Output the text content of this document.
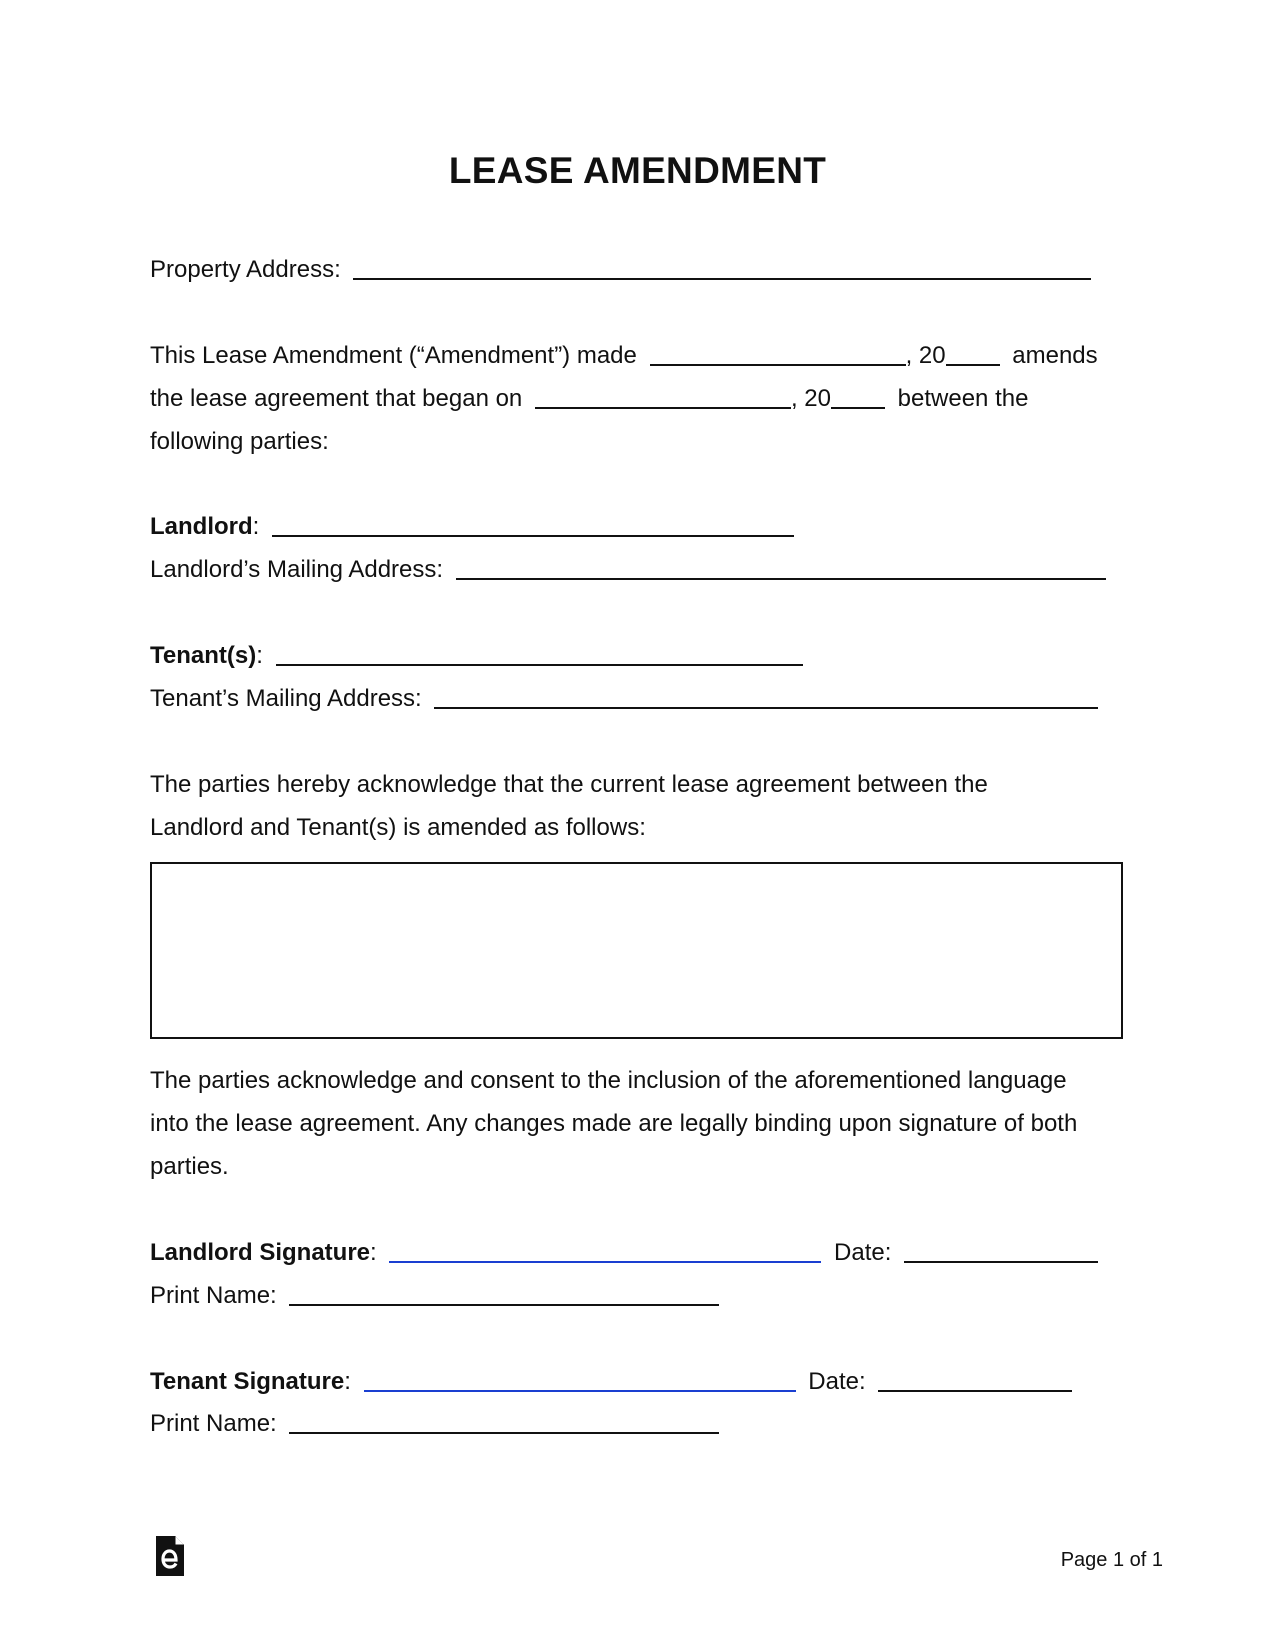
LEASE AMENDMENT
Property Address:
This Lease Amendment (“Amendment”) made	, 20	amends
the lease agreement that began on	, 20	between the
following parties:
Landlord:
Landlord’s Mailing Address:
Tenant(s):
Tenant’s Mailing Address:
The parties hereby acknowledge that the current lease agreement between the
Landlord and Tenant(s) is amended as follows:
The parties acknowledge and consent to the inclusion of the aforementioned language
into the lease agreement. Any changes made are legally binding upon signature of both
parties.
Landlord Signature:	Date:
Print Name:
Tenant Signature:	Date:
Print Name:
Page 1 of 1
